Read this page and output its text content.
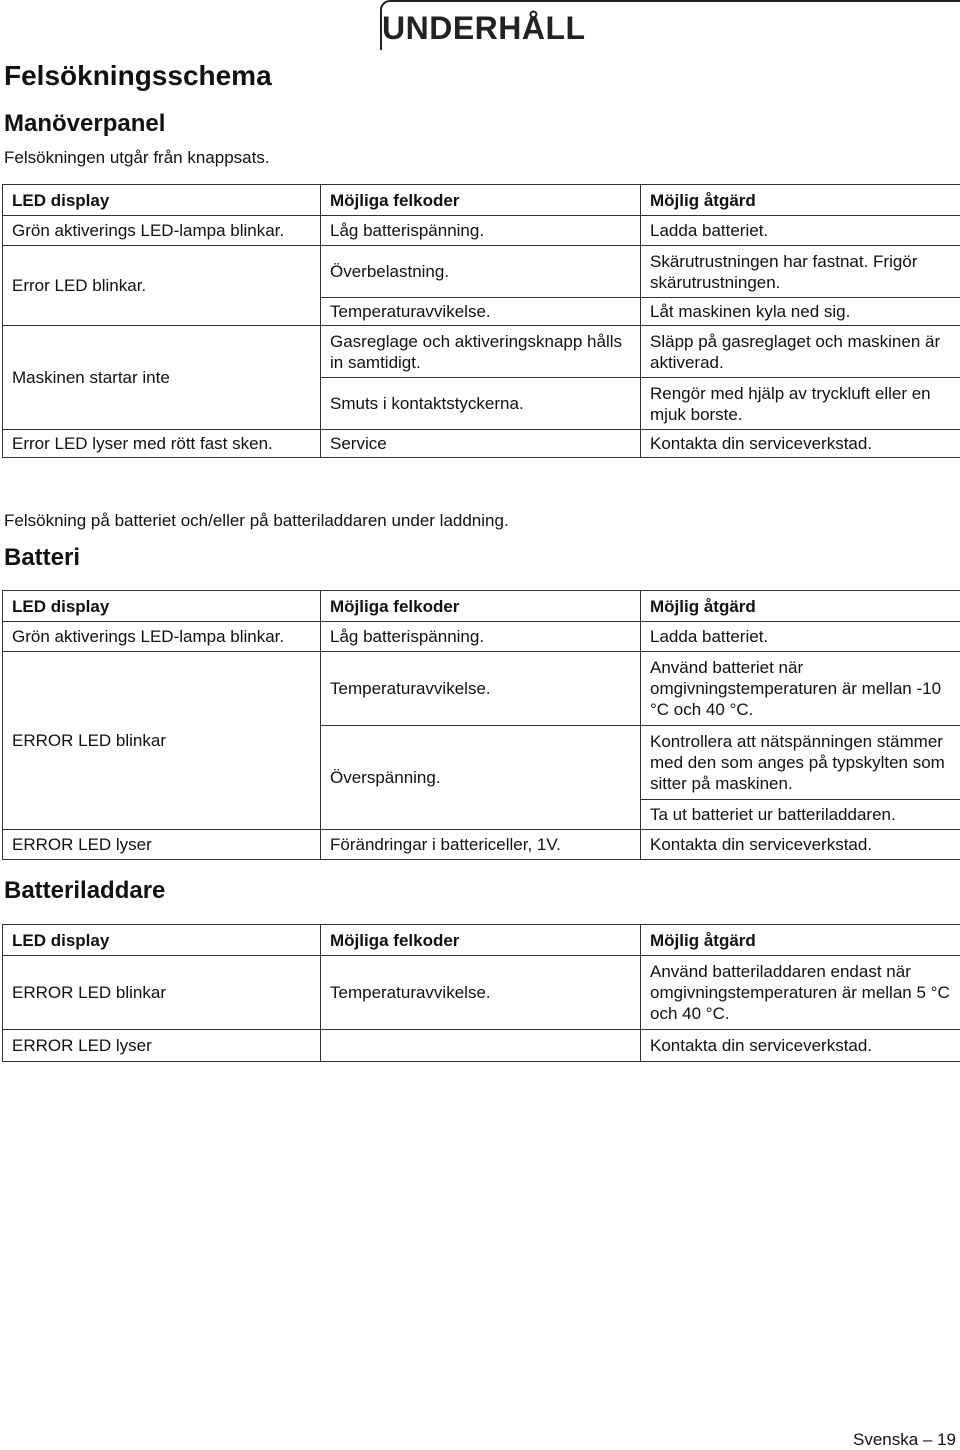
UNDERHÅLL
Felsökningsschema
Manöverpanel
Felsökningen utgår från knappsats.
LED display	Möjliga felkoder	Möjlig åtgärd
Grön aktiverings LED-lampa blinkar.	Låg batterispänning.	Ladda batteriet.
Error LED blinkar.	Överbelastning.	Skärutrustningen har fastnat. Frigör skärutrustningen.
	Temperaturavvikelse.	Låt maskinen kyla ned sig.
Maskinen startar inte	Gasreglage och aktiveringsknapp hålls in samtidigt.	Släpp på gasreglaget och maskinen är aktiverad.
	Smuts i kontaktstyckerna.	Rengör med hjälp av tryckluft eller en mjuk borste.
Error LED lyser med rött fast sken.	Service	Kontakta din serviceverkstad.
Felsökning på batteriet och/eller på batteriladdaren under laddning.
Batteri
LED display	Möjliga felkoder	Möjlig åtgärd
Grön aktiverings LED-lampa blinkar.	Låg batterispänning.	Ladda batteriet.
ERROR LED blinkar	Temperaturavvikelse.	Använd batteriet när omgivningstemperaturen är mellan -10 °C och 40 °C.
	Överspänning.	Kontrollera att nätspänningen stämmer med den som anges på typskylten som sitter på maskinen.
		Ta ut batteriet ur batteriladdaren.
ERROR LED lyser	Förändringar i battericeller, 1V.	Kontakta din serviceverkstad.
Batteriladdare
LED display	Möjliga felkoder	Möjlig åtgärd
ERROR LED blinkar	Temperaturavvikelse.	Använd batteriladdaren endast när omgivningstemperaturen är mellan 5 °C och 40 °C.
ERROR LED lyser		Kontakta din serviceverkstad.
Svenska – 19
